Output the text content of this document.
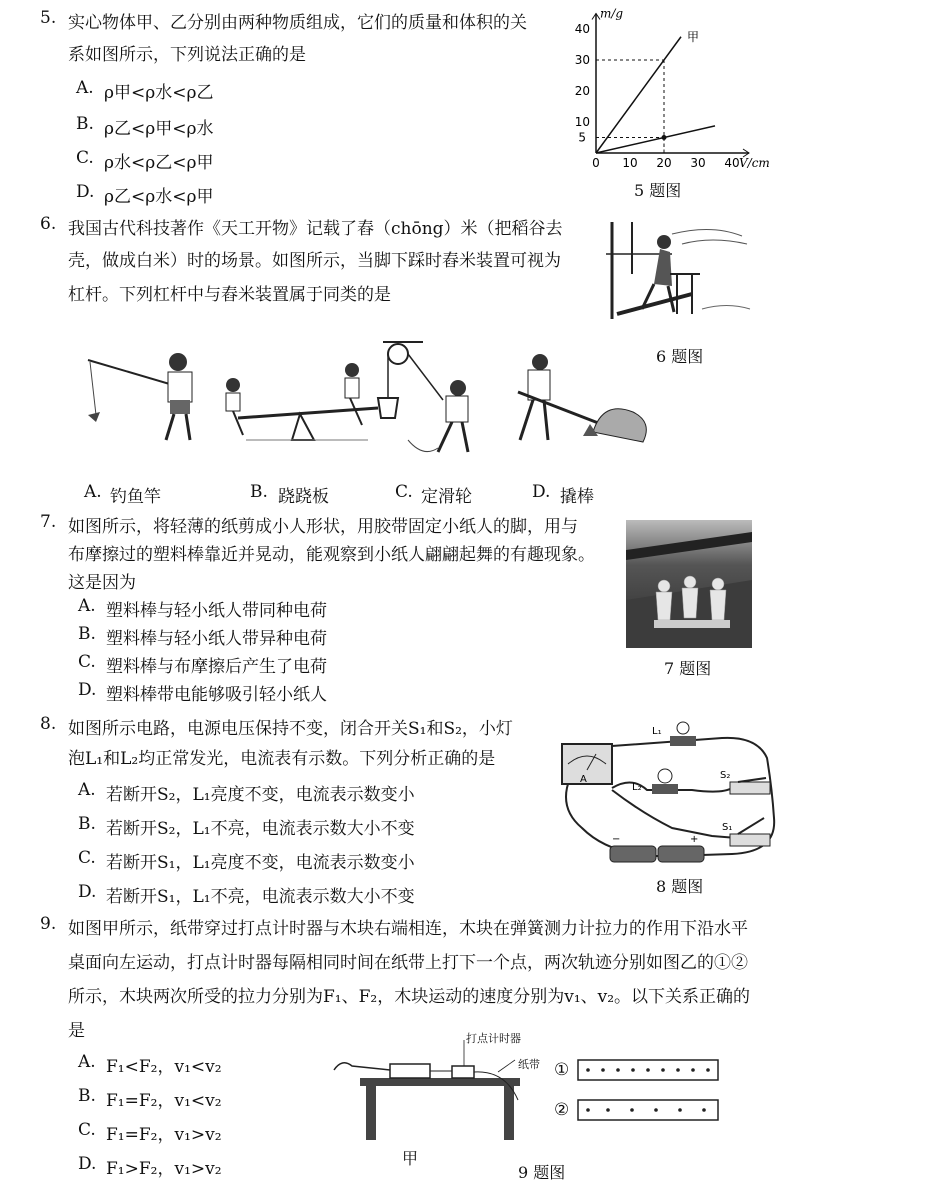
5. 实心物体甲、乙分别由两种物质组成，它们的质量和体积的关
系如图所示，下列说法正确的是
A. ρ甲<ρ水<ρ乙
B. ρ乙<ρ甲<ρ水
C. ρ水<ρ乙<ρ甲
D. ρ乙<ρ水<ρ甲
m/g
V/cm
0 10 20 30 40
10
20
30
40
5
甲
5 题图
6. 我国古代科技著作《天工开物》记载了舂（chōng）米（把稻谷去
壳，做成白米）时的场景。如图所示，当脚下踩时舂米装置可视为
杠杆。下列杠杆中与舂米装置属于同类的是
6 题图
A. 钓鱼竿	B. 跷跷板	C. 定滑轮	D. 撬棒
7. 如图所示，将轻薄的纸剪成小人形状，用胶带固定小纸人的脚，用与
布摩擦过的塑料棒靠近并晃动，能观察到小纸人翩翩起舞的有趣现象。
这是因为
A. 塑料棒与轻小纸人带同种电荷
B. 塑料棒与轻小纸人带异种电荷
C. 塑料棒与布摩擦后产生了电荷
D. 塑料棒带电能够吸引轻小纸人
7 题图
8. 如图所示电路，电源电压保持不变，闭合开关S₁和S₂，小灯
泡L₁和L₂均正常发光，电流表有示数。下列分析正确的是
A. 若断开S₂，L₁亮度不变，电流表示数变小
B. 若断开S₂，L₁不亮，电流表示数大小不变
C. 若断开S₁，L₁亮度不变，电流表示数变小
D. 若断开S₁，L₁不亮，电流表示数大小不变
A
L₁
L₂
S₂
S₁
−	+
8 题图
9. 如图甲所示，纸带穿过打点计时器与木块右端相连，木块在弹簧测力计拉力的作用下沿水平
桌面向左运动，打点计时器每隔相同时间在纸带上打下一个点，两次轨迹分别如图乙的①②
所示，木块两次所受的拉力分别为F₁、F₂，木块运动的速度分别为v₁、v₂。以下关系正确的
是
A. F₁<F₂，v₁<v₂
B. F₁=F₂，v₁<v₂
C. F₁=F₂，v₁>v₂
D. F₁>F₂，v₁>v₂
打点计时器
纸带
甲
①
②
9 题图
